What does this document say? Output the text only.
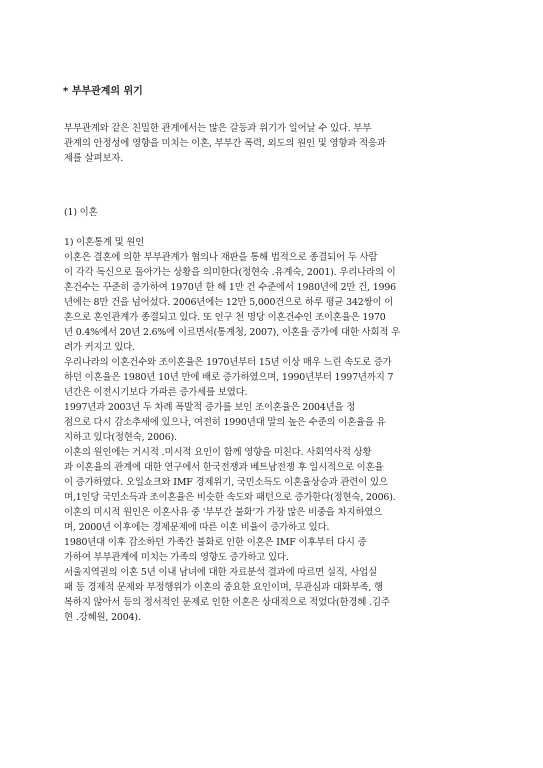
* 부부관계의 위기
부부관계와 같은 친밀한 관계에서는 많은 갈등과 위기가 일어날 수 있다. 부부
관계의 안정성에 영향을 미치는 이혼, 부부간 폭력, 외도의 원인 및 영향과 적응과
제를 살펴보자.
(1) 이혼
1) 이혼통계 및 원인
이혼은 결혼에 의한 부부관계가 협의나 재판을 통해 법적으로 종결되어 두 사람
이 각각 독신으로 돌아가는 상황을 의미한다(정현숙 ․유계숙, 2001). 우리나라의 이
혼건수는 꾸준히 증가하여 1970년 한 해 1만 건 수준에서 1980년에 2만 건, 1996
년에는 8만 건을 넘어섰다. 2006년에는 12만 5,000건으로 하루 평균 342쌍이 이
혼으로 혼인관계가 종결되고 있다. 또 인구 천 명당 이혼건수인 조이혼율은 1970
년 0.4%에서 20년 2.6%에 이르면서(통계청, 2007), 이혼율 증가에 대한 사회적 우
려가 커지고 있다.
우리나라의 이혼건수와 조이혼율은 1970년부터 15년 이상 매우 느린 속도로 증가
하던 이혼율은 1980년 10년 만에 배로 증가하였으며, 1990년부터 1997년까지 7
년간은 이전시기보다 가파른 증가세를 보였다.
1997년과 2003년 두 차례 폭발적 증가를 보인 조이혼율은 2004년을 정
점으로 다시 감소추세에 있으나, 여전히 1990년대 말의 높은 수준의 이혼율을 유
지하고 있다(정현숙, 2006).
이혼의 원인에는 거시적 ․미시적 요인이 함께 영향을 미친다. 사회역사적 상황
과 이혼율의 관계에 대한 연구에서 한국전쟁과 베트남전쟁 후 일시적으로 이혼율
이 증가하였다. 오일쇼크와 IMF 경제위기, 국민소득도 이혼율상승과 관련이 있으
며,1인당 국민소득과 조이혼율은 비슷한 속도와 패턴으로 증가한다(정현숙, 2006).
이혼의 미시적 원인은 이혼사유 중 '부부간 불화'가 가장 많은 비중을 차지하였으
며, 2000년 이후에는 경제문제에 따른 이혼 비율이 증가하고 있다.
1980년대 이후 감소하던 가족간 불화로 인한 이혼은 IMF 이후부터 다시 증
가하여 부부관계에 미치는 가족의 영향도 증가하고 있다.
서울지역권의 이혼 5년 이내 남녀에 대한 자료분석 결과에 따르면 실직, 사업실
패 등 경제적 문제와 부정행위가 이혼의 중요한 요인이며, 무관심과 대화부족, 행
복하지 않아서 등의 정서적인 문제로 인한 이혼은 상대적으로 적었다(한경혜 ․김주
현 ․강혜원, 2004).
